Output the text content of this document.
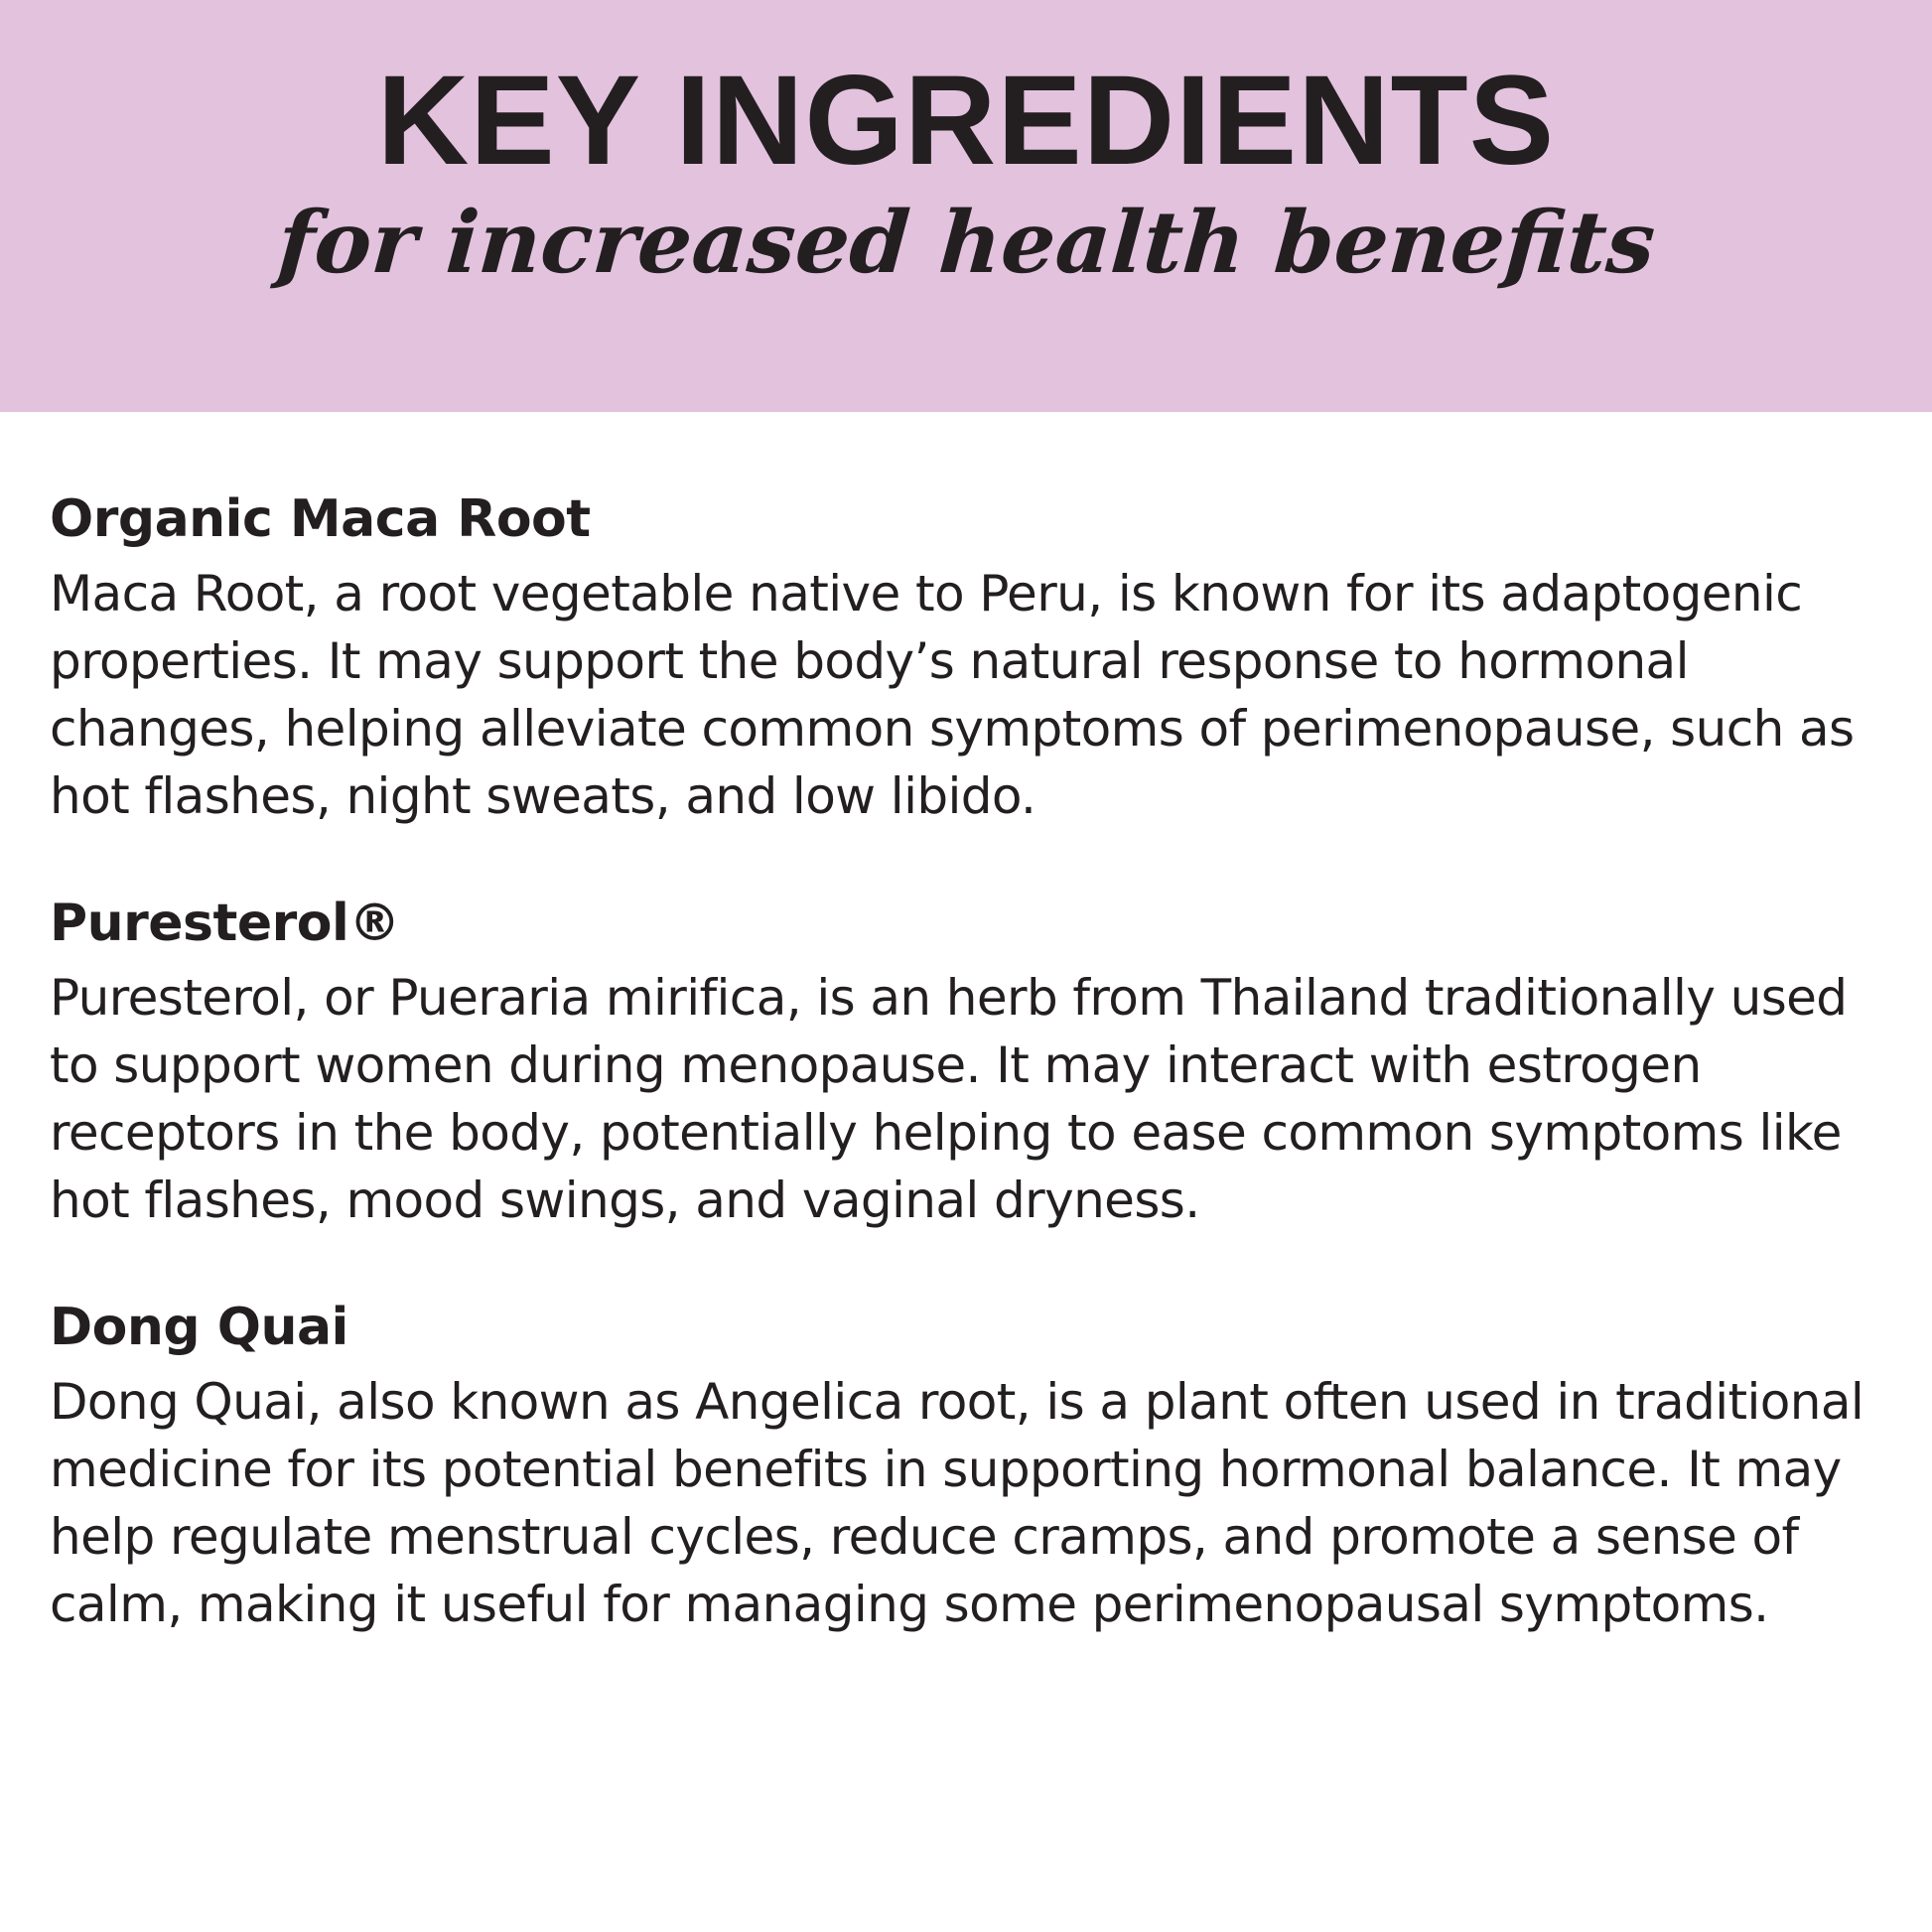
KEY INGREDIENTS
for increased health benefits

Organic Maca Root

Maca Root, a root vegetable native to Peru, is known for its adaptogenic properties. It may support the body’s natural response to hormonal changes, helping alleviate common symptoms of perimenopause, such as hot flashes, night sweats, and low libido.

Puresterol®

Puresterol, or Pueraria mirifica, is an herb from Thailand traditionally used to support women during menopause. It may interact with estrogen receptors in the body, potentially helping to ease common symptoms like hot flashes, mood swings, and vaginal dryness.

Dong Quai

Dong Quai, also known as Angelica root, is a plant often used in traditional medicine for its potential benefits in supporting hormonal balance. It may help regulate menstrual cycles, reduce cramps, and promote a sense of calm, making it useful for managing some perimenopausal symptoms.
